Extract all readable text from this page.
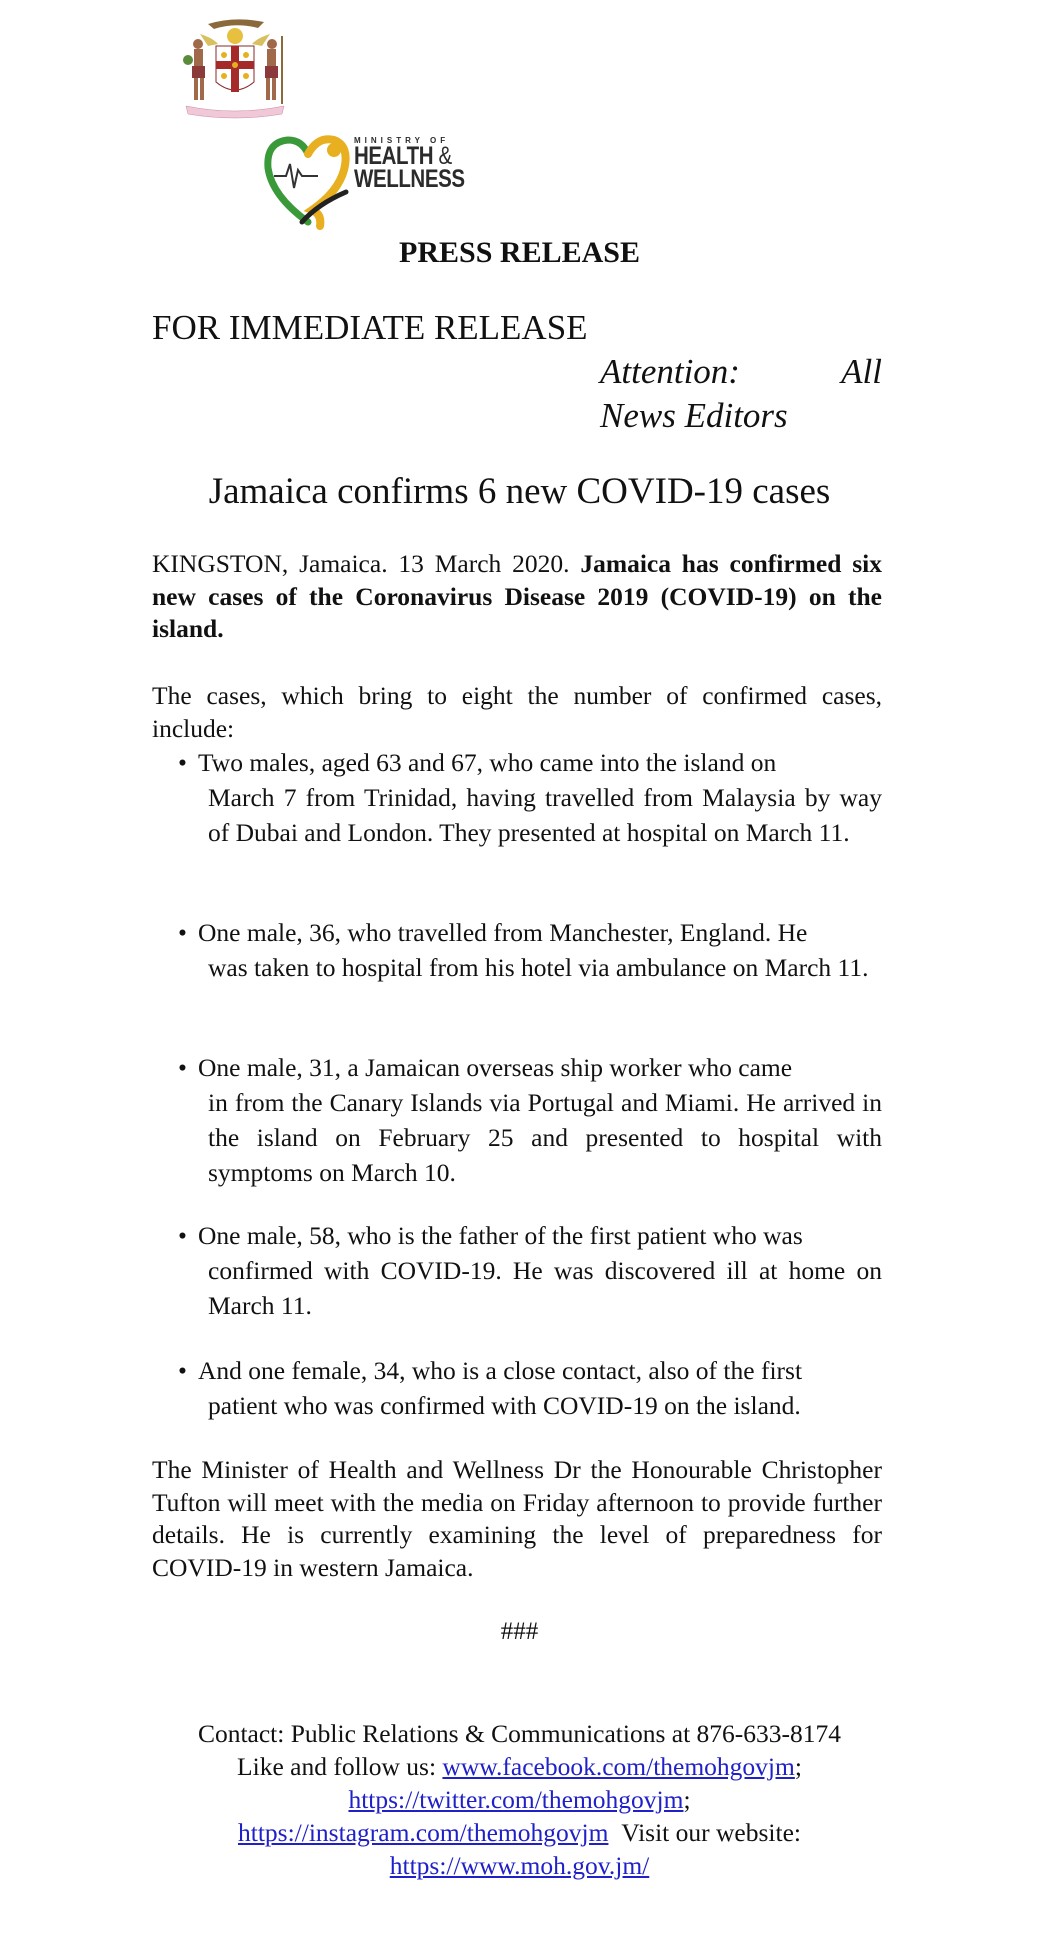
MINISTRY OF
HEALTH &
WELLNESS
PRESS RELEASE
FOR IMMEDIATE RELEASE
Attention:	All
News Editors
Jamaica confirms 6 new COVID-19 cases
KINGSTON, Jamaica. 13 March 2020. Jamaica has confirmed six new cases of the Coronavirus Disease 2019 (COVID-19) on the island.
The cases, which bring to eight the number of confirmed cases, include:
• Two males, aged 63 and 67, who came into the island on
March 7 from Trinidad, having travelled from Malaysia by way of Dubai and London. They presented at hospital on March 11.
• One male, 36, who travelled from Manchester, England. He
was taken to hospital from his hotel via ambulance on March 11.
• One male, 31, a Jamaican overseas ship worker who came
in from the Canary Islands via Portugal and Miami. He arrived in the island on February 25 and presented to hospital with symptoms on March 10.
• One male, 58, who is the father of the first patient who was
confirmed with COVID-19. He was discovered ill at home on March 11.
• And one female, 34, who is a close contact, also of the first
patient who was confirmed with COVID-19 on the island.
The Minister of Health and Wellness Dr the Honourable Christopher Tufton will meet with the media on Friday afternoon to provide further details. He is currently examining the level of preparedness for COVID-19 in western Jamaica.
###
Contact: Public Relations & Communications at 876-633-8174
Like and follow us: www.facebook.com/themohgovjm;
https://twitter.com/themohgovjm;
https://instagram.com/themohgovjm Visit our website:
https://www.moh.gov.jm/
